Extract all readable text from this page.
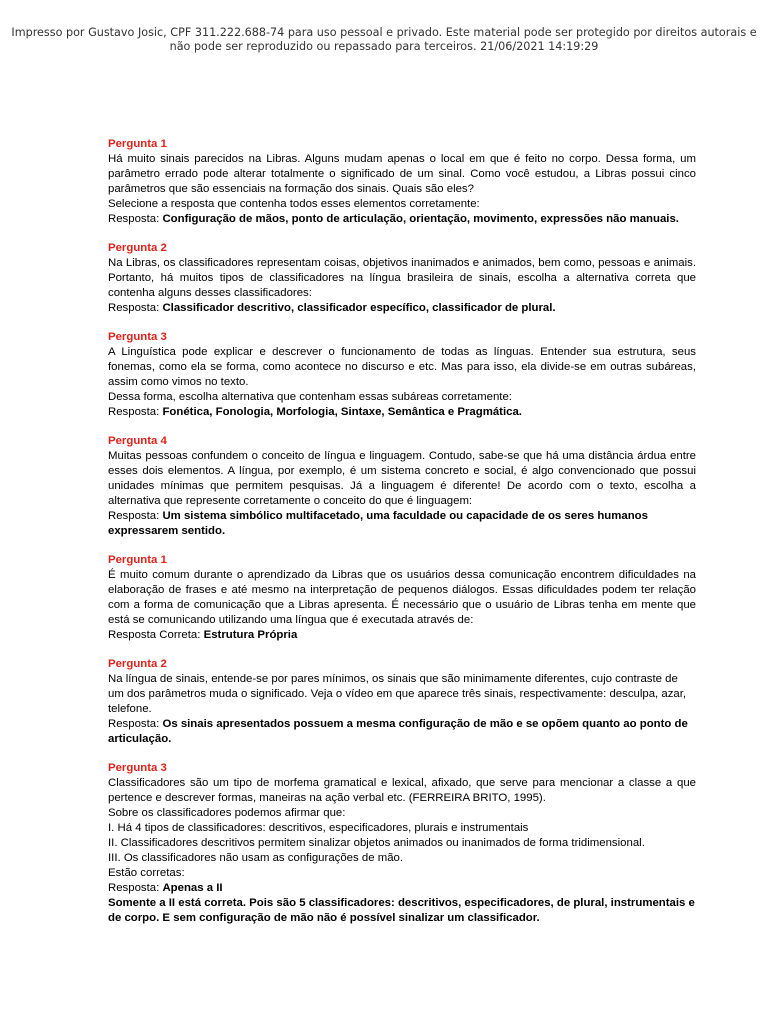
Impresso por Gustavo Josic, CPF 311.222.688-74 para uso pessoal e privado. Este material pode ser protegido por direitos autorais e
não pode ser reproduzido ou repassado para terceiros. 21/06/2021 14:19:29
Pergunta 1
Há muito sinais parecidos na Libras. Alguns mudam apenas o local em que é feito no corpo. Dessa forma, um parâmetro errado pode alterar totalmente o significado de um sinal. Como você estudou, a Libras possui cinco parâmetros que são essenciais na formação dos sinais. Quais são eles?
Selecione a resposta que contenha todos esses elementos corretamente:
Resposta: Configuração de mãos, ponto de articulação, orientação, movimento, expressões não manuais.
Pergunta 2
Na Libras, os classificadores representam coisas, objetivos inanimados e animados, bem como, pessoas e animais. Portanto, há muitos tipos de classificadores na língua brasileira de sinais, escolha a alternativa correta que contenha alguns desses classificadores:
Resposta: Classificador descritivo, classificador específico, classificador de plural.
Pergunta 3
A Linguística pode explicar e descrever o funcionamento de todas as línguas. Entender sua estrutura, seus fonemas, como ela se forma, como acontece no discurso e etc. Mas para isso, ela divide-se em outras subáreas, assim como vimos no texto.
Dessa forma, escolha alternativa que contenham essas subáreas corretamente:
Resposta: Fonética, Fonologia, Morfologia, Sintaxe, Semântica e Pragmática.
Pergunta 4
Muitas pessoas confundem o conceito de língua e linguagem. Contudo, sabe-se que há uma distância árdua entre esses dois elementos. A língua, por exemplo, é um sistema concreto e social, é algo convencionado que possui unidades mínimas que permitem pesquisas. Já a linguagem é diferente! De acordo com o texto, escolha a alternativa que represente corretamente o conceito do que é linguagem:
Resposta: Um sistema simbólico multifacetado, uma faculdade ou capacidade de os seres humanos expressarem sentido.
Pergunta 1
É muito comum durante o aprendizado da Libras que os usuários dessa comunicação encontrem dificuldades na elaboração de frases e até mesmo na interpretação de pequenos diálogos. Essas dificuldades podem ter relação com a forma de comunicação que a Libras apresenta. É necessário que o usuário de Libras tenha em mente que está se comunicando utilizando uma língua que é executada através de:
Resposta Correta: Estrutura Própria
Pergunta 2
Na língua de sinais, entende-se por pares mínimos, os sinais que são minimamente diferentes, cujo contraste de um dos parâmetros muda o significado. Veja o vídeo em que aparece três sinais, respectivamente: desculpa, azar, telefone.
Resposta: Os sinais apresentados possuem a mesma configuração de mão e se opõem quanto ao ponto de articulação.
Pergunta 3
Classificadores são um tipo de morfema gramatical e lexical, afixado, que serve para mencionar a classe a que pertence e descrever formas, maneiras na ação verbal etc. (FERREIRA BRITO, 1995).
Sobre os classificadores podemos afirmar que:
I. Há 4 tipos de classificadores: descritivos, especificadores, plurais e instrumentais
II. Classificadores descritivos permitem sinalizar objetos animados ou inanimados de forma tridimensional.
III. Os classificadores não usam as configurações de mão.
Estão corretas:
Resposta: Apenas a II
Somente a II está correta. Pois são 5 classificadores: descritivos, especificadores, de plural, instrumentais e de corpo. E sem configuração de mão não é possível sinalizar um classificador.
